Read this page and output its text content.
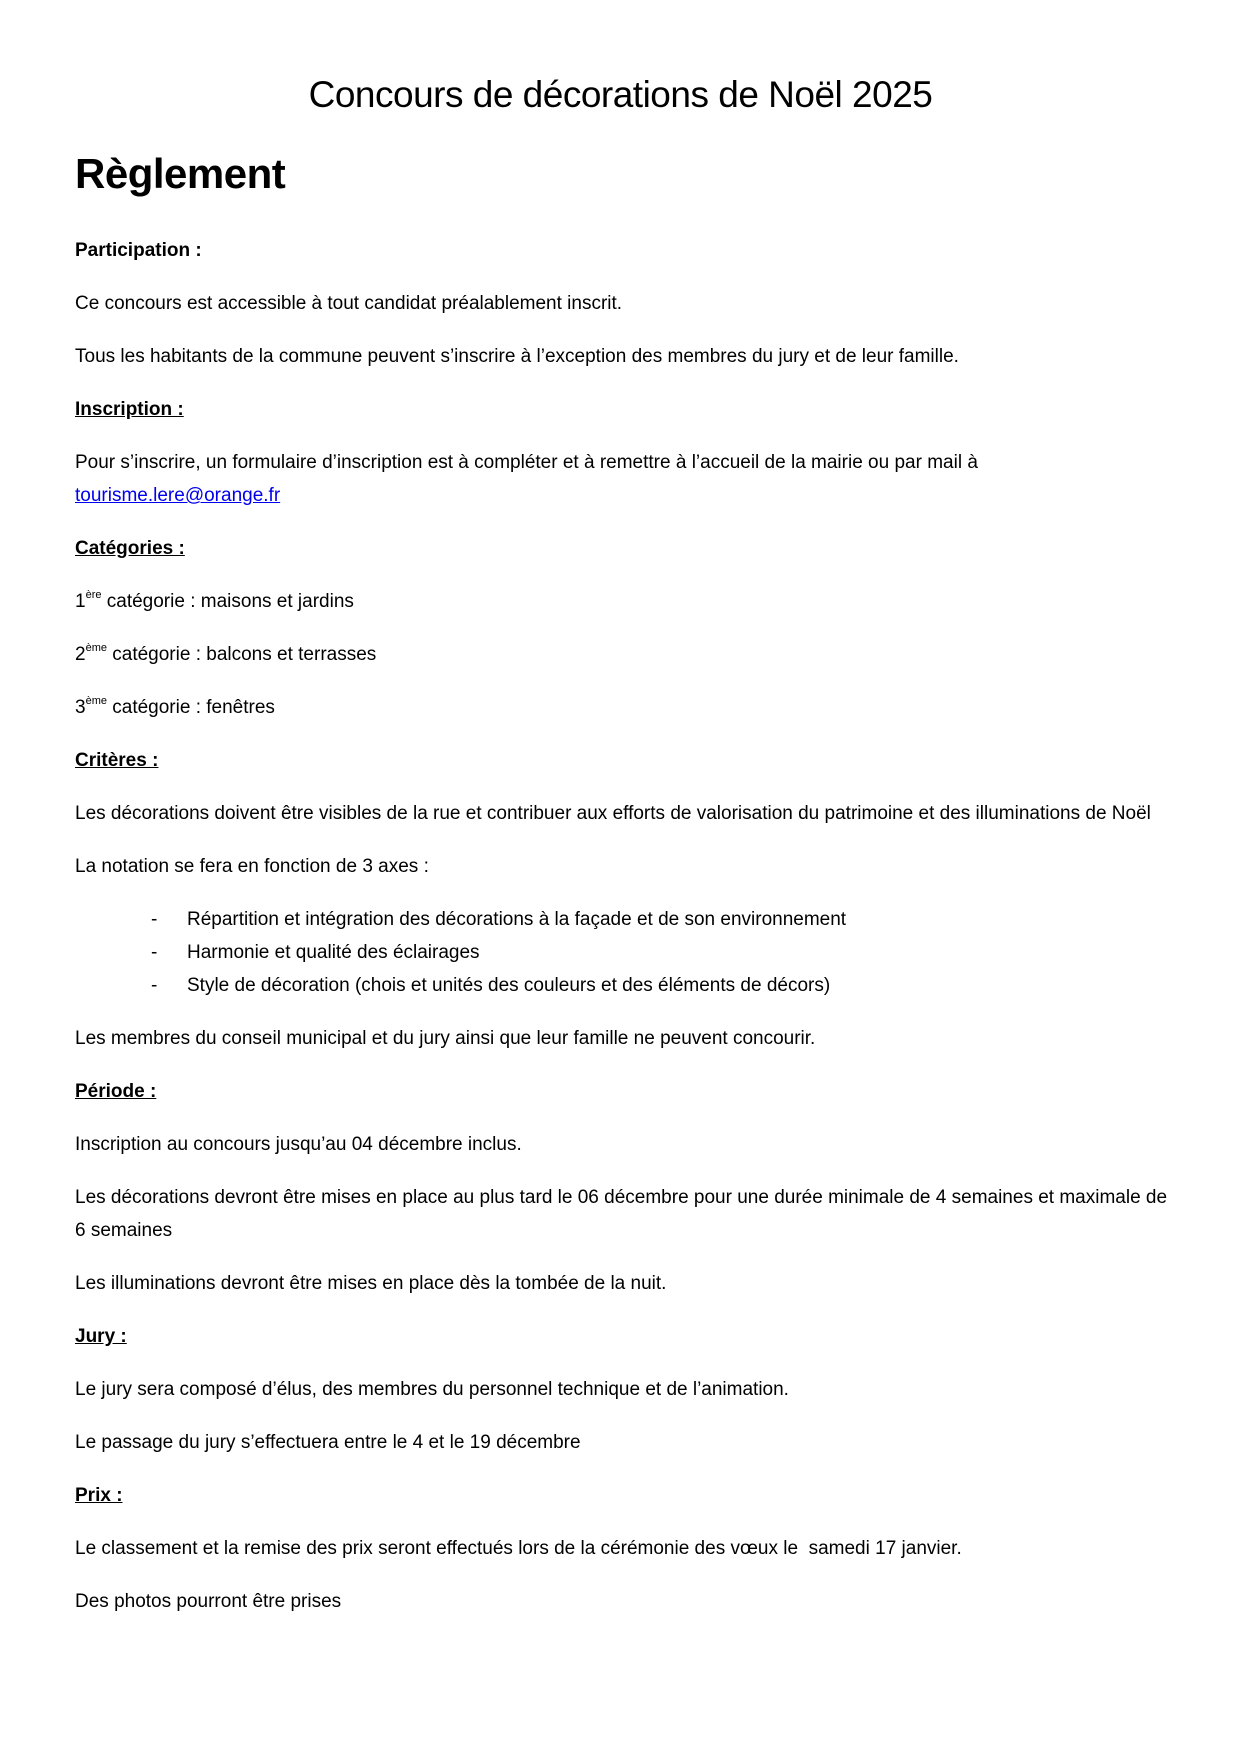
Concours de décorations de Noël 2025
Règlement

Participation :

Ce concours est accessible à tout candidat préalablement inscrit.

Tous les habitants de la commune peuvent s’inscrire à l’exception des membres du jury et de leur famille.

Inscription :

Pour s’inscrire, un formulaire d’inscription est à compléter et à remettre à l’accueil de la mairie ou par mail à
tourisme.lere@orange.fr

Catégories :

1ère catégorie : maisons et jardins

2ème catégorie : balcons et terrasses

3ème catégorie : fenêtres

Critères :

Les décorations doivent être visibles de la rue et contribuer aux efforts de valorisation du patrimoine et des illuminations de Noël

La notation se fera en fonction de 3 axes :

- Répartition et intégration des décorations à la façade et de son environnement
- Harmonie et qualité des éclairages
- Style de décoration (chois et unités des couleurs et des éléments de décors)

Les membres du conseil municipal et du jury ainsi que leur famille ne peuvent concourir.

Période :

Inscription au concours jusqu’au 04 décembre inclus.

Les décorations devront être mises en place au plus tard le 06 décembre pour une durée minimale de 4 semaines et maximale de 6 semaines

Les illuminations devront être mises en place dès la tombée de la nuit.

Jury :

Le jury sera composé d’élus, des membres du personnel technique et de l’animation.

Le passage du jury s’effectuera entre le 4 et le 19 décembre

Prix :

Le classement et la remise des prix seront effectués lors de la cérémonie des vœux le  samedi 17 janvier.

Des photos pourront être prises
